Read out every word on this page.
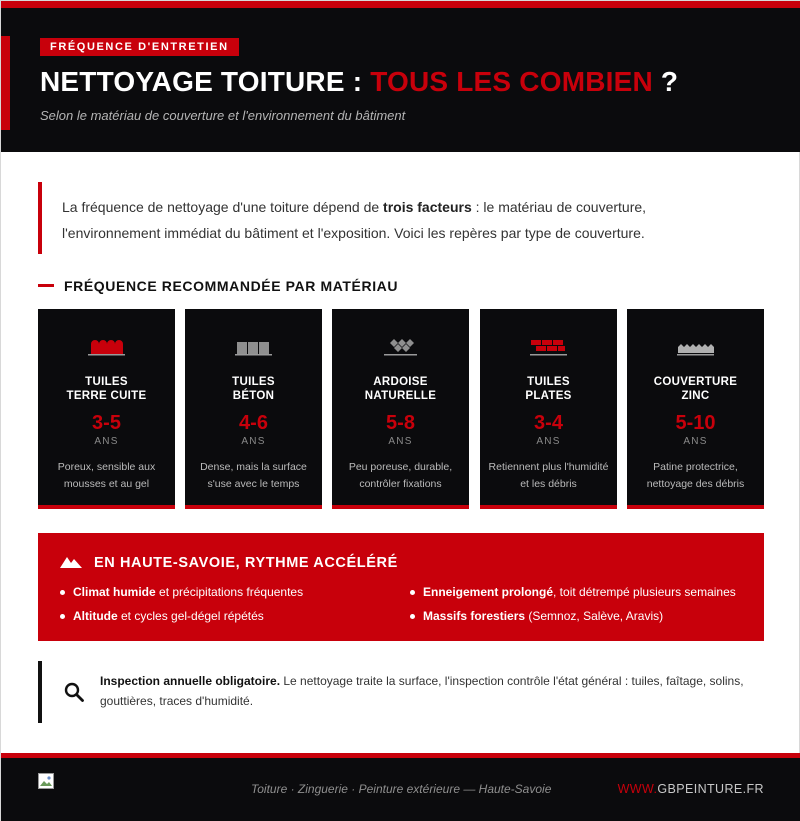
FRÉQUENCE D'ENTRETIEN
NETTOYAGE TOITURE : TOUS LES COMBIEN ?
Selon le matériau de couverture et l'environnement du bâtiment
La fréquence de nettoyage d'une toiture dépend de trois facteurs : le matériau de couverture, l'environnement immédiat du bâtiment et l'exposition. Voici les repères par type de couverture.
FRÉQUENCE RECOMMANDÉE PAR MATÉRIAU
TUILES
TERRE CUITE
3-5
ANS
Poreux, sensible aux mousses et au gel
TUILES
BÉTON
4-6
ANS
Dense, mais la surface s'use avec le temps
ARDOISE
NATURELLE
5-8
ANS
Peu poreuse, durable, contrôler fixations
TUILES
PLATES
3-4
ANS
Retiennent plus l'humidité et les débris
COUVERTURE
ZINC
5-10
ANS
Patine protectrice, nettoyage des débris
EN HAUTE-SAVOIE, RYTHME ACCÉLÉRÉ
Climat humide et précipitations fréquentes
Altitude et cycles gel-dégel répétés
Enneigement prolongé, toit détrempé plusieurs semaines
Massifs forestiers (Semnoz, Salève, Aravis)
Inspection annuelle obligatoire. Le nettoyage traite la surface, l'inspection contrôle l'état général : tuiles, faîtage, solins, gouttières, traces d'humidité.
Toiture · Zinguerie · Peinture extérieure — Haute-Savoie	WWW.GBPEINTURE.FR
